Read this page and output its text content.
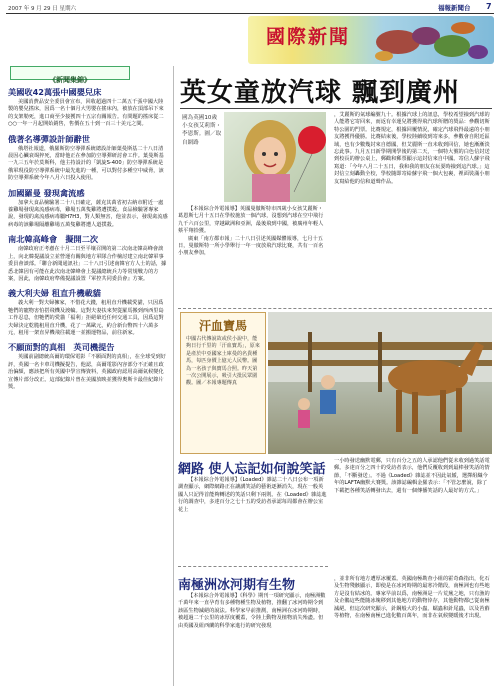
2007 年 9 月 29 日 星期六	福報新聞台 7
國際新聞
《新聞集錦》
美國收42萬張中國嬰兒床

美國消費品安全委員會宣布，回收超過四十二萬五千張中國大陸製的嬰兒搖床，因爲一名十個月大男嬰在搖床內，被放在頂部吊下來的支架勒死，進口商至少接獲四十五宗有關報告。有問題的搖床從二○○一年一月起開始銷售，售價在五十到一百三十美元之間。

俄著名導彈設計師辭世

俄塔社報道，俄羅斯防空導彈系統總設計師葉曼斯基二十八日清晨因心臟衰竭猝死，當時他正在參加防空導彈研討會工作。葉曼斯基一九三五年於莫斯科，他主持設計的「凱旋S-400」防空導彈系統是俄軍現役防空導彈系統中最先進的一種，可以對付多種空中威脅，該防空導彈系統今年八月六日投入使用。

加國羅曼 發現禽流感

加拿大食品檢驗署二十八日確定，薩克其萬省初古納市附近一處養雞場發現禽流感病毒，雞場五萬隻雞將遭撲殺。食品檢驗署專家說，發現的禽流感病毒屬H7H3，對人類無害，他並表示，發現禽流感病毒的該雞場隔離雞場五萬隻雞將遭人道撲殺。

南北韓高峰會　擬開二次

南韓政府正考慮在十月二日至平壤召開的第二次南北韓高峰會談上，向北韓提議設立並營運有關與地方軍隊合作檢討建立南北韓軍事委員會談部。「聯合新聞通訊社」二十八日引述南韓官方人士的話，據悉北韓因有可能在此次南北韓峰會上提議總統兵力等常規戰力的方案，因此，南韓政府準備提議設置『軍控共同委員會』方案。

義大利夫婦 租直升機載貓

義大利一對夫婦擁家，不惜花大錢，租用直升機載愛貓，只因爲牠們的寵物害怕搭飛機及渡輪。這對夫妻扶來契從羅馬搬到西西里島工作忍息，但牠們的愛貓「福利」拒絕暈近任何交通工具，因爲這對夫婦決定乾脆租用直升機，花了一萬歐元，約合新台幣四十六萬多元，租用一架直昇機飛往載運一並搬運物品，前往新家。

不願面對的真相　英司機提告

英國前副總統高爾的環保電影「不願面對的真相」，在全球受到好評，英國一名卡車司機擬提告，他認，高爾電影內容部分不正確且政治偏頗，應該把所有英國中學宣傳資料，英國政府認用高爾氣候變化宣傳片部分改正。這部紀錄片曾在美國放映並獲得奧斯卡最佳紀錄片獎。

英女童放汽球 飄到廣州
國為英國10歲小女孩艾莉斯・李恩斯。圖／取自網路

【本報綜合外電報導】英國曼徹斯特市四歲小女孩艾麗斯・葛恩斯七月十五日在學校施放一個汽球，沒想到汽球在空中飛行九千六百公里，穿越歐洲和亞洲，最後飛到中國，被廣州年輕人蔡平翔拾獲。

廣東「南方都市報」二十八日引述英國媒體報導，七月十五日，曼徹斯特一所小學舉行一年一度放飛汽球比賽，共有一百名小朋友參加，

，艾麗斯的氣球編號九十。根據汽球上的訊息，學校希望撿到汽球的人能將它寄回來，而返有幸運兒將獲得飛汽球所贈的獎品：參觀切斯特公園的門票。比賽規定，根據回覆情況，確定汽球飛得最遠的小朋友將獲得優勝。比賽結束後，學校陸續收到寄來多，參數會自附近區域，也有少數幾封來自德國，但艾麗斯一直未收到回信，她也漸漸淡忘此事。九月五日新學期開學後的第二天，一個特大號的白色信封送到校長的辦公桌上，郵戳和郵票顯示這封信來自中國。寄信人蘇宇飛寫道：「今年八月二十五日，我和我的朋友在玩耍時撿到這汽球。」這封信立刻轟動全校，學校隨即寄給蘇宇飛一個大包裹，裡面裝滿小朋友寫給他的信和道聲作品。

汗血寶馬
中國古代傳說故或侯小說中，能夠日行千里的「汗血寶馬」，原來是產於中亞國家土庫曼的名貴種馬，每匹身價上億元人民幣。圖為一名孩子與寶馬合照。昨天第一次公開展示，吸引大批民眾圍觀。圖／本報專題傳真
網路 使人忘記如何說笑話

【本報綜合外電報導】《Loaded》雜誌二十八日公布一項新調查顯示，網際網路正在讓講笑話的藝術逐漸消失，現在一般英國人只記得首能夠轉述的笑話只剩下兩則。在《Loaded》雜誌進行的調查中，多達百分之七十五的受訪者承認每周都會在辦公室花上

一小時發送幽默電郵，只有百分之五的人承認他們從未收到過笑話電郵。多達百分之四十的受訪者表示，他們反覆收到到最棒發笑話的情節，「不斷發送」。不過《Loaded》雜誌並不因此氣餒，選擇組織今年的LAFTA幽默大賽獎。該雜誌編輯金羅表示：「不管怎麼說，除了下載把各種笑話轉發出去，還有一個傳播笑話的人最好的方式。」

南極洲冰河期有生物

【本報綜合外電報導】《科學》期刊一項研究顯示，南極洲數千萬年來一直孕育有多種物種生物及植物，推翻了冰河時期令到該區生物滅絕的說法。科學家早前推測，南極洲在冰河時期時，被超過二千公里的冰厚度覆蓋，令陸上動物及植物消失殆盡。但由英國及紐西蘭的科學家進行的研究發現

，並非所有地方遭厚冰覆蓋。英國南極勘查小組的霍奇森指出，化石及生物殘骸顯示，即使是在冰河時期的最寒冷階段，南極洲也有些地方是沒有結冰的。專家早前以爲，南極洲是一片荒蕪之地，只有漁的及企鵝這些能隨冰塊移到其他地方的動物倖存，其他動物都已從南極滅絕。但這次研究顯示，針鋼般大的小蟲、蠕蟲和針尾蟲，以及苔蘚等植物，在南極南極已進化數百萬年，而非在氣候變暖後才出現。
